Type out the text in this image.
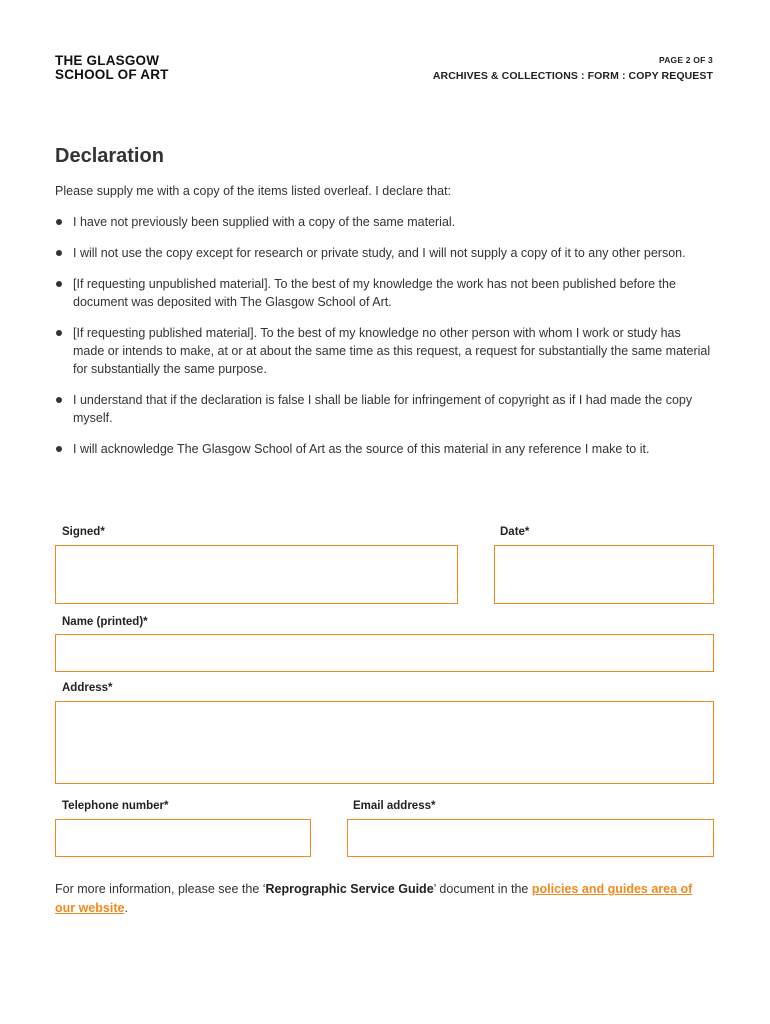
THE GLASGOW
SCHOOL OF ART
PAGE 2 OF 3
ARCHIVES & COLLECTIONS : FORM : COPY REQUEST
Declaration

Please supply me with a copy of the items listed overleaf. I declare that:

I have not previously been supplied with a copy of the same material.
I will not use the copy except for research or private study, and I will not supply a copy of it to any other person.
[If requesting unpublished material]. To the best of my knowledge the work has not been published before the document was deposited with The Glasgow School of Art.
[If requesting published material]. To the best of my knowledge no other person with whom I work or study has made or intends to make, at or at about the same time as this request, a request for substantially the same material for substantially the same purpose.
I understand that if the declaration is false I shall be liable for infringement of copyright as if I had made the copy myself.
I will acknowledge The Glasgow School of Art as the source of this material in any reference I make to it.
Signed*	Date*
Name (printed)*
Address*
Telephone number*	Email address*

For more information, please see the ‘Reprographic Service Guide’ document in the policies and guides area of our website.
